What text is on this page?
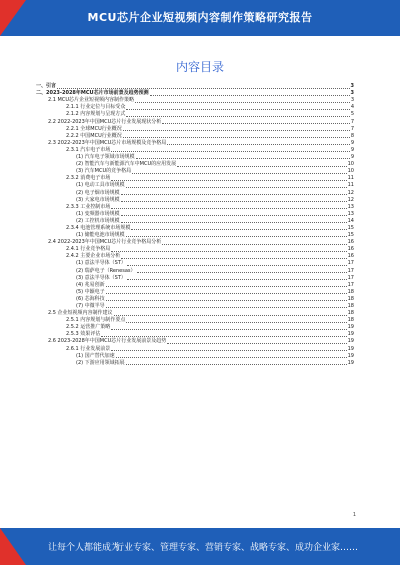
MCU芯片企业短视频内容制作策略研究报告
内容目录
一、引言	3
二、2023-2028年MCU芯片市场前景及趋势预测	3
2.1 MCU芯片企业短视频内容制作策略	3
2.1.1 行业定位与目标受众	4
2.1.2 内容规划与呈现方式	5
2.2 2022-2023年中国MCU芯片行业发展现状分析	7
2.2.1 全球MCU行业概况	7
2.2.2 中国MCU行业概况	8
2.3 2022-2023年中国MCU芯片市场规模及竞争格局	9
2.3.1 汽车电子市场	9
(1) 汽车电子领域市场规模	9
(2) 智能汽车与新能源汽车中MCU的应用发展	10
(3) 汽车MCU的竞争格局	10
2.3.2 消费电子市场	11
(1) 电动工具市场规模	11
(2) 电子烟市场规模	12
(3) 大家电市场规模	12
2.3.3 工业控制市场	13
(1) 变频器市场规模	13
(2) 工控机市场规模	14
2.3.4 电池管理系统市场规模	15
(1) 储能电池市场规模	15
2.4 2022-2023年中国MCU芯片行业竞争格局分析	16
2.4.1 行业竞争格局	16
2.4.2 主要企业市场分析	16
(1) 意法半导体（ST）	17
(2) 瑞萨电子（Renesas）	17
(3) 意法半导体（ST）	17
(4) 兆易创新	17
(5) 中颖电子	18
(6) 芯海科技	18
(7) 中微半导	18
2.5 企业短视频内容制作建议	18
2.5.1 内容规划与制作要点	18
2.5.2 运营推广策略	19
2.5.3 效果评估	19
2.6 2023-2028年中国MCU芯片行业发展前景及趋势	19
2.6.1 行业发展前景	19
(1) 国产替代加速	19
(2) 下游应用领域拓展	19
1
让每个人都能成为
行业专家、管理专家、营销专家、战略专家、成功企业家……
